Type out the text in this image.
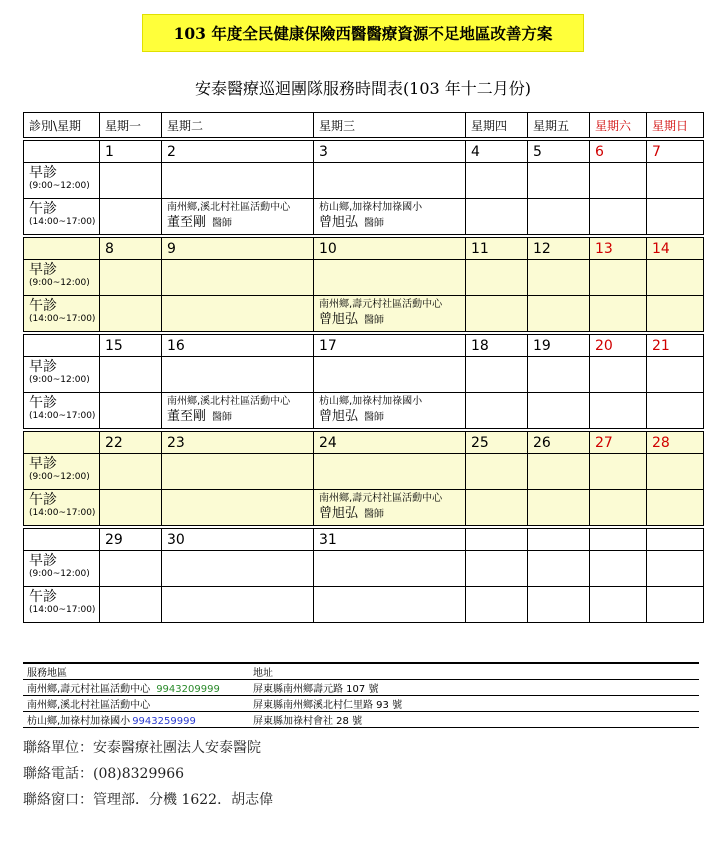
103 年度全民健康保險西醫醫療資源不足地區改善方案
安泰醫療巡迴團隊服務時間表(103 年十二月份)
診別\星期	星期一	星期二	星期三	星期四	星期五	星期六	星期日

	1	2	3	4	5	6	7

早診
(9:00~12:00)							

午診
(14:00~17:00)		南州鄉,溪北村社區活動中心
董至剛 醫師	枋山鄉,加祿村加祿國小
曾旭弘 醫師				

	8	9	10	11	12	13	14

早診
(9:00~12:00)							

午診
(14:00~17:00)			南州鄉,壽元村社區活動中心
曾旭弘 醫師				

	15	16	17	18	19	20	21

早診
(9:00~12:00)							

午診
(14:00~17:00)		南州鄉,溪北村社區活動中心
董至剛 醫師	枋山鄉,加祿村加祿國小
曾旭弘 醫師				

	22	23	24	25	26	27	28

早診
(9:00~12:00)							

午診
(14:00~17:00)			南州鄉,壽元村社區活動中心
曾旭弘 醫師				

	29	30	31				

早診
(9:00~12:00)							

午診
(14:00~17:00)							

服務地區	地址
南州鄉,壽元村社區活動中心 9943209999	屏東縣南州鄉壽元路 107 號
南州鄉,溪北村社區活動中心	屏東縣南州鄉溪北村仁里路 93 號
枋山鄉,加祿村加祿國小 9943259999	屏東縣加祿村會社 28 號
聯絡單位：安泰醫療社團法人安泰醫院
聯絡電話：(08)8329966
聯絡窗口：管理部．分機 1622．胡志偉
